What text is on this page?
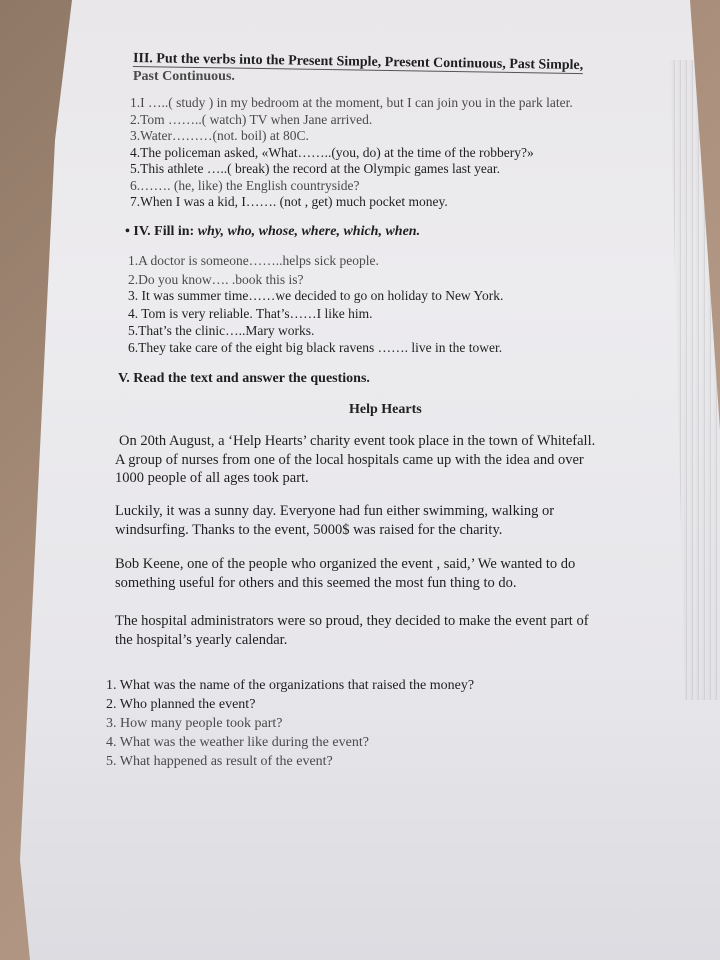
III. Put the verbs into the Present Simple, Present Continuous, Past Simple,
Past Continuous.
1.I …..( study ) in my bedroom at the moment, but I can join you in the park later.
2.Tom ……..( watch) TV when Jane arrived.
3.Water………(not. boil) at 80C.
4.The policeman asked, «What……..(you, do) at the time of the robbery?»
5.This athlete …..( break) the record at the Olympic games last year.
6.……. (he, like) the English countryside?
7.When I was a kid, I……. (not , get) much pocket money.
• IV. Fill in: why, who, whose, where, which, when.
1.A doctor is someone……..helps sick people.
2.Do you know…. .book this is?
3. It was summer time……we decided to go on holiday to New York.
4. Tom is very reliable. That’s……I like him.
5.That’s the clinic…..Mary works.
6.They take care of the eight big black ravens ……. live in the tower.
V. Read the text and answer the questions.
Help Hearts
On 20th August, a ‘Help Hearts’ charity event took place in the town of Whitefall.
A group of nurses from one of the local hospitals came up with the idea and over
1000 people of all ages took part.
Luckily, it was a sunny day. Everyone had fun either swimming, walking or
windsurfing. Thanks to the event, 5000$ was raised for the charity.
Bob Keene, one of the people who organized the event , said,’ We wanted to do
something useful for others and this seemed the most fun thing to do.
The hospital administrators were so proud, they decided to make the event part of
the hospital’s yearly calendar.
1. What was the name of the organizations that raised the money?
2. Who planned the event?
3. How many people took part?
4. What was the weather like during the event?
5. What happened as result of the event?
